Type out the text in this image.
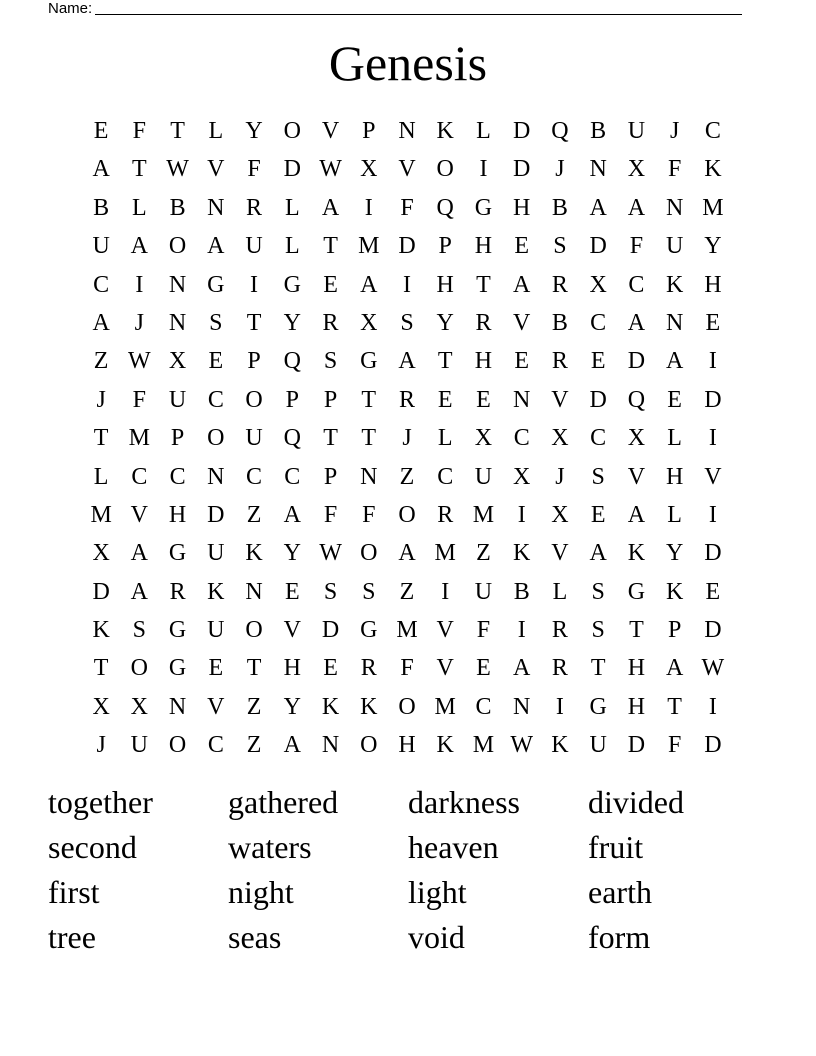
Name:
Genesis
E	F	T L Y O V P N K L D Q B U	J	C
A T W V F D W X V O	I	D	J	N X F K
B L B N R L A	I	F Q G H B A A N M
U A O A U L T M D P H E	S D F U Y
C	I	N G	I	G E A	I	H T A R X C K H
A	J	N S	T Y R X S Y R V B C A N E
Z W X E	P Q S G A T H E R E D A	I
J	F U C O P	P	T R E E N V D Q E D
T M P O U Q T T	J	L X C X C X L	I
L C C N C C P N Z C U X	J	S V H V
M V H D Z A F	F O R M I	X E A L	I
X A G U K Y W O A M Z K V A K Y D
D A R K N E	S	S	Z	I	U B L	S G K E
K S G U O V D G M V F	I	R S	T	P D
T O G E T H E R F V E A R T H A W
X X N V Z Y K K O M C N	I	G H T	I
J	U O C Z A N O H K M W K U D F D
together	gathered	darkness	divided
second	waters	heaven	fruit
first	night	light	earth
tree	seas	void	form
